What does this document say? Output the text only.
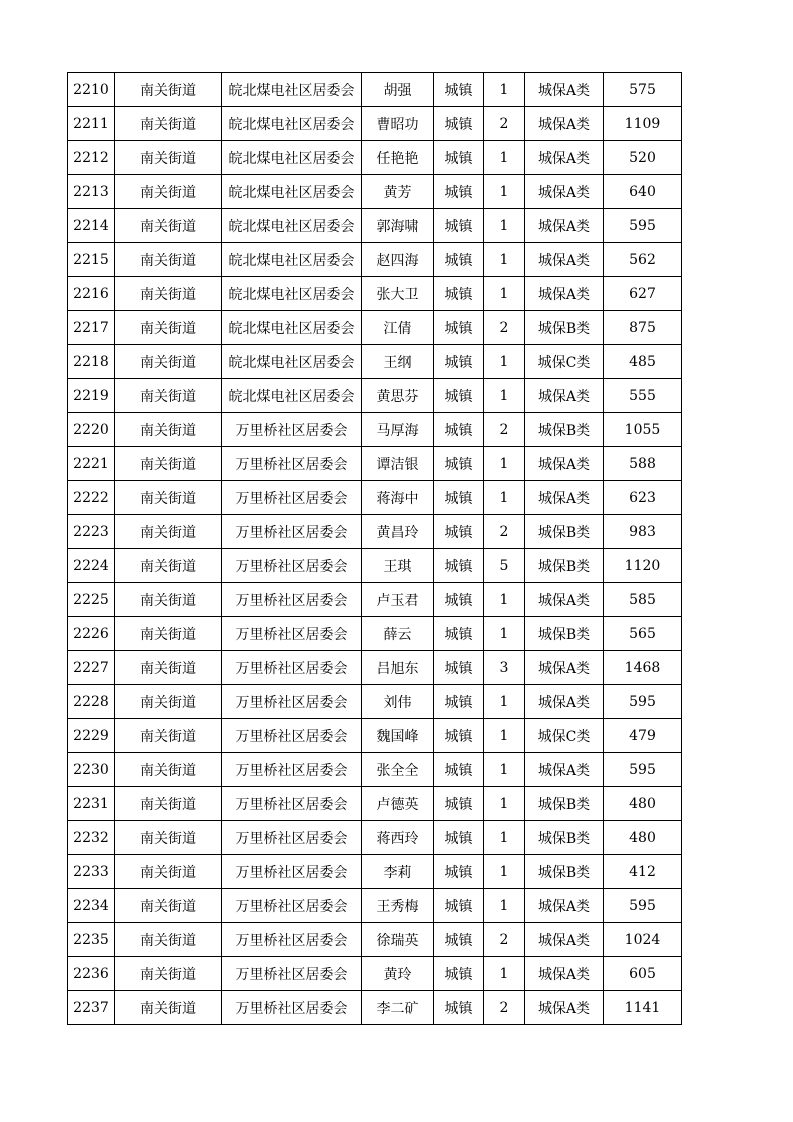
2210	南关街道	皖北煤电社区居委会	胡强	城镇	1	城保A类	575
2211	南关街道	皖北煤电社区居委会	曹昭功	城镇	2	城保A类	1109
2212	南关街道	皖北煤电社区居委会	任艳艳	城镇	1	城保A类	520
2213	南关街道	皖北煤电社区居委会	黄芳	城镇	1	城保A类	640
2214	南关街道	皖北煤电社区居委会	郭海啸	城镇	1	城保A类	595
2215	南关街道	皖北煤电社区居委会	赵四海	城镇	1	城保A类	562
2216	南关街道	皖北煤电社区居委会	张大卫	城镇	1	城保A类	627
2217	南关街道	皖北煤电社区居委会	江倩	城镇	2	城保B类	875
2218	南关街道	皖北煤电社区居委会	王纲	城镇	1	城保C类	485
2219	南关街道	皖北煤电社区居委会	黄思芬	城镇	1	城保A类	555
2220	南关街道	万里桥社区居委会	马厚海	城镇	2	城保B类	1055
2221	南关街道	万里桥社区居委会	谭洁银	城镇	1	城保A类	588
2222	南关街道	万里桥社区居委会	蒋海中	城镇	1	城保A类	623
2223	南关街道	万里桥社区居委会	黄昌玲	城镇	2	城保B类	983
2224	南关街道	万里桥社区居委会	王琪	城镇	5	城保B类	1120
2225	南关街道	万里桥社区居委会	卢玉君	城镇	1	城保A类	585
2226	南关街道	万里桥社区居委会	薛云	城镇	1	城保B类	565
2227	南关街道	万里桥社区居委会	吕旭东	城镇	3	城保A类	1468
2228	南关街道	万里桥社区居委会	刘伟	城镇	1	城保A类	595
2229	南关街道	万里桥社区居委会	魏国峰	城镇	1	城保C类	479
2230	南关街道	万里桥社区居委会	张全全	城镇	1	城保A类	595
2231	南关街道	万里桥社区居委会	卢德英	城镇	1	城保B类	480
2232	南关街道	万里桥社区居委会	蒋西玲	城镇	1	城保B类	480
2233	南关街道	万里桥社区居委会	李莉	城镇	1	城保B类	412
2234	南关街道	万里桥社区居委会	王秀梅	城镇	1	城保A类	595
2235	南关街道	万里桥社区居委会	徐瑞英	城镇	2	城保A类	1024
2236	南关街道	万里桥社区居委会	黄玲	城镇	1	城保A类	605
2237	南关街道	万里桥社区居委会	李二矿	城镇	2	城保A类	1141
